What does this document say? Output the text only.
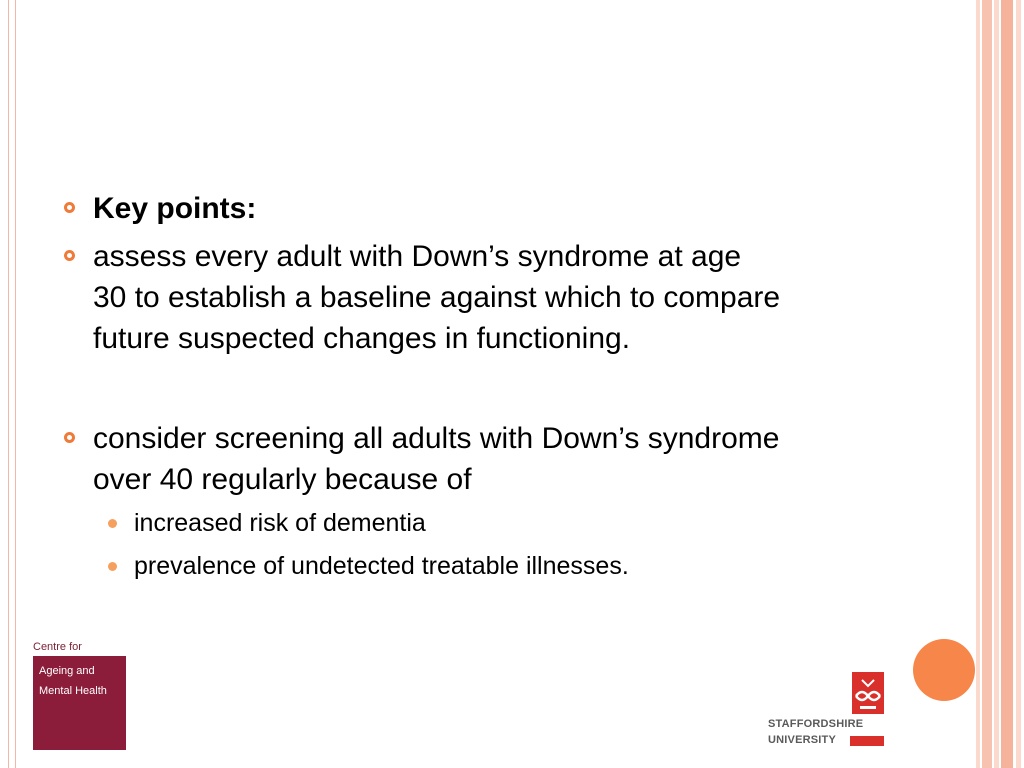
Key points:
assess every adult with Down’s syndrome at age
30 to establish a baseline against which to compare
future suspected changes in functioning.
consider screening all adults with Down’s syndrome
over 40 regularly because of
increased risk of dementia
prevalence of undetected treatable illnesses.
Centre for
Ageing and
Mental Health
STAFFORDSHIRE
UNIVERSITY
